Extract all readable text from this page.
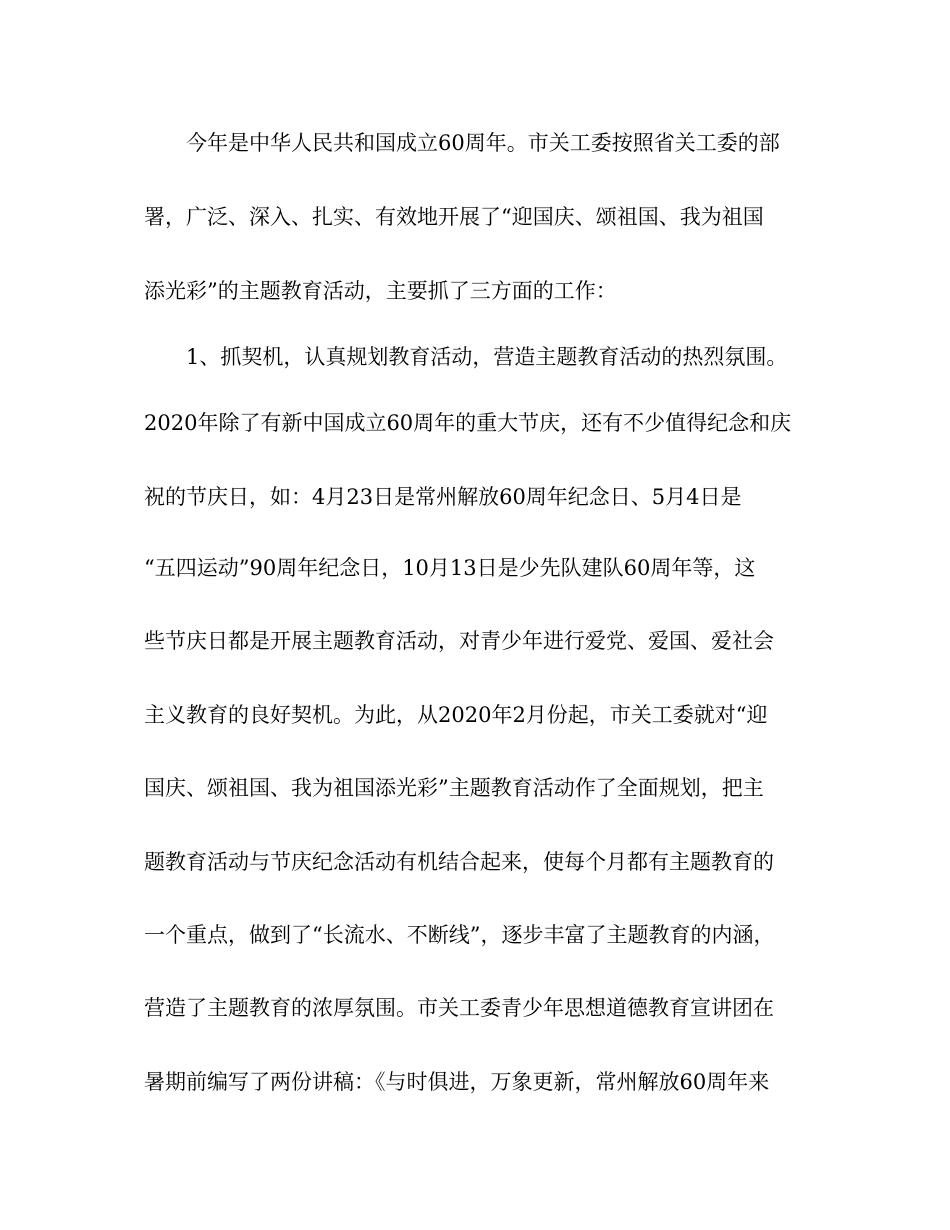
今年是中华人民共和国成立60周年。市关工委按照省关工委的部

署，广泛、深入、扎实、有效地开展了“迎国庆、颂祖国、我为祖国

添光彩”的主题教育活动，主要抓了三方面的工作：

1、抓契机，认真规划教育活动，营造主题教育活动的热烈氛围。

2020年除了有新中国成立60周年的重大节庆，还有不少值得纪念和庆

祝的节庆日，如：4月23日是常州解放60周年纪念日、5月4日是

“五四运动”90周年纪念日，10月13日是少先队建队60周年等，这

些节庆日都是开展主题教育活动，对青少年进行爱党、爱国、爱社会

主义教育的良好契机。为此，从2020年2月份起，市关工委就对“迎

国庆、颂祖国、我为祖国添光彩”主题教育活动作了全面规划，把主

题教育活动与节庆纪念活动有机结合起来，使每个月都有主题教育的

一个重点，做到了“长流水、不断线”，逐步丰富了主题教育的内涵，

营造了主题教育的浓厚氛围。市关工委青少年思想道德教育宣讲团在

暑期前编写了两份讲稿：《与时俱进，万象更新，常州解放60周年来
